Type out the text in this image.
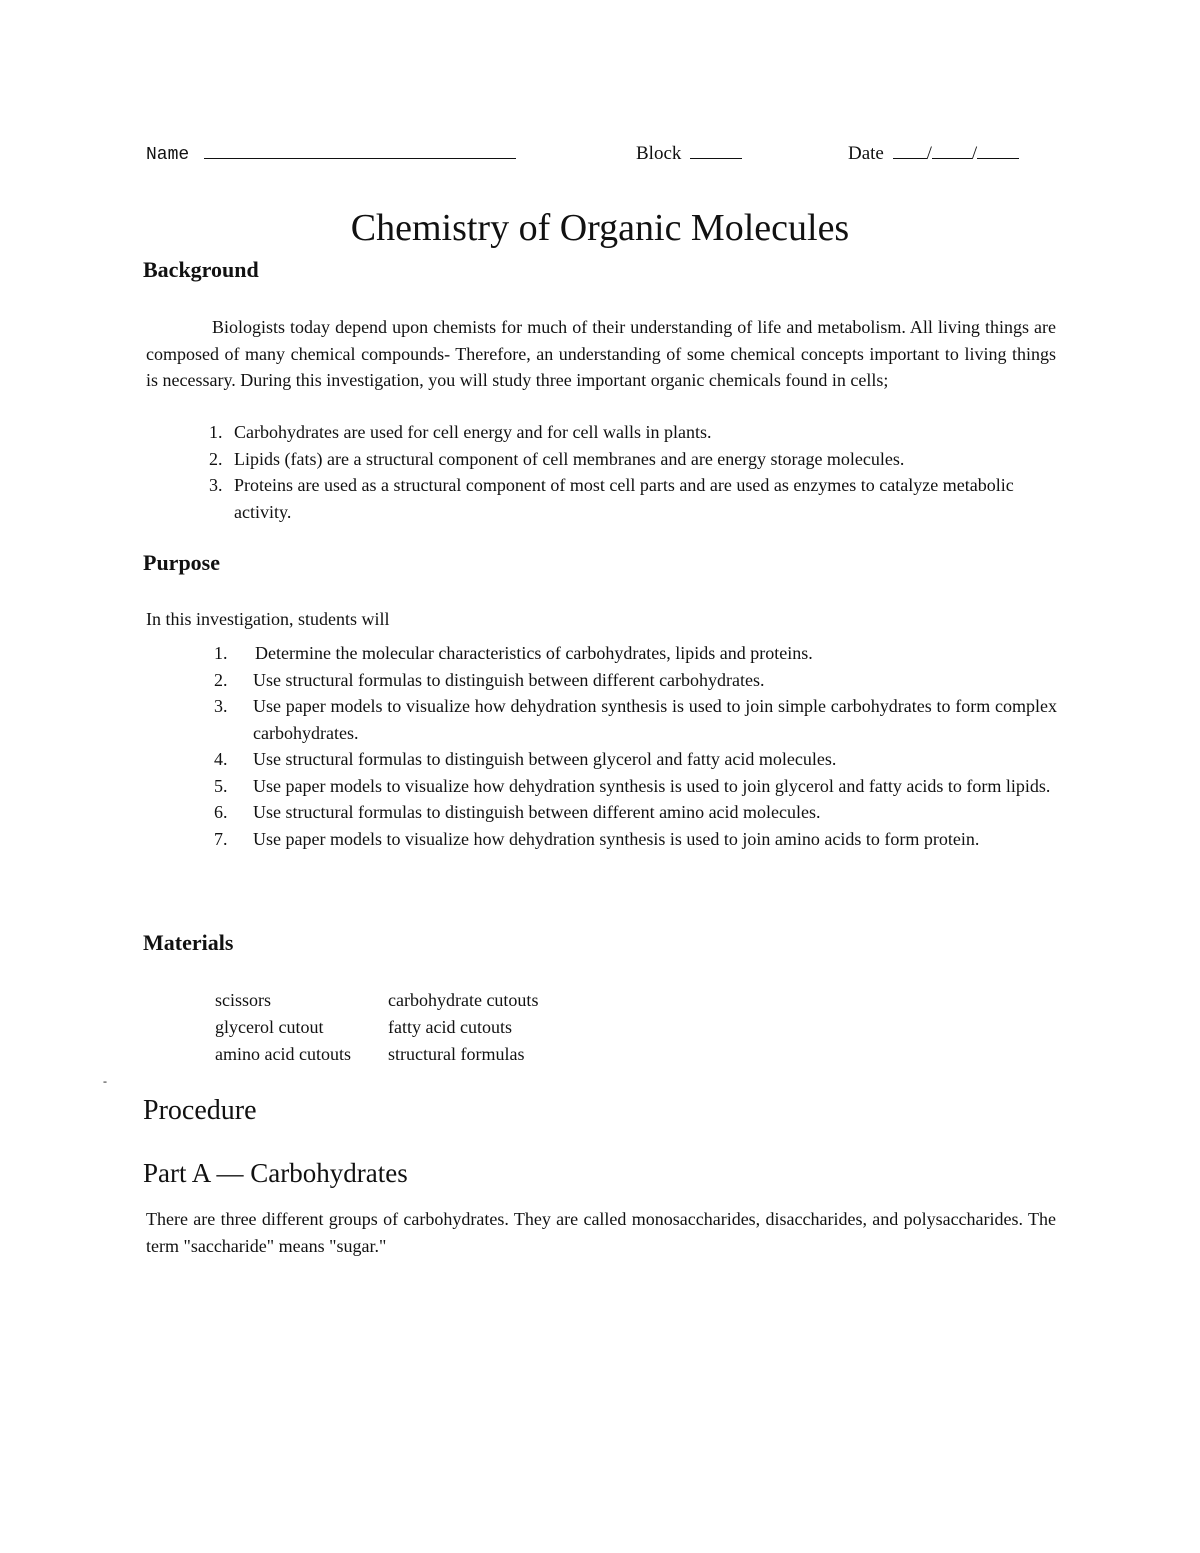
Name	Block	Date / /
Chemistry of Organic Molecules
Background

Biologists today depend upon chemists for much of their understanding of life and metabolism. All living things are composed of many chemical compounds- Therefore, an understanding of some chemical concepts important to living things is necessary. During this investigation, you will study three important organic chemicals found in cells;

1. Carbohydrates are used for cell energy and for cell walls in plants.
2. Lipids (fats) are a structural component of cell membranes and are energy storage molecules.
3. Proteins are used as a structural component of most cell parts and are used as enzymes to catalyze metabolic activity.
Purpose

In this investigation, students will

1. Determine the molecular characteristics of carbohydrates, lipids and proteins.
2. Use structural formulas to distinguish between different carbohydrates.
3. Use paper models to visualize how dehydration synthesis is used to join simple carbohydrates to form complex carbohydrates.
4. Use structural formulas to distinguish between glycerol and fatty acid molecules.
5. Use paper models to visualize how dehydration synthesis is used to join glycerol and fatty acids to form lipids.
6. Use structural formulas to distinguish between different amino acid molecules.
7. Use paper models to visualize how dehydration synthesis is used to join amino acids to form protein.
Materials
scissors	carbohydrate cutouts
glycerol cutout	fatty acid cutouts
amino acid cutouts	structural formulas
-
Procedure
Part A — Carbohydrates

There are three different groups of carbohydrates. They are called monosaccharides, disaccharides, and polysaccharides. The term "saccharide" means "sugar."
